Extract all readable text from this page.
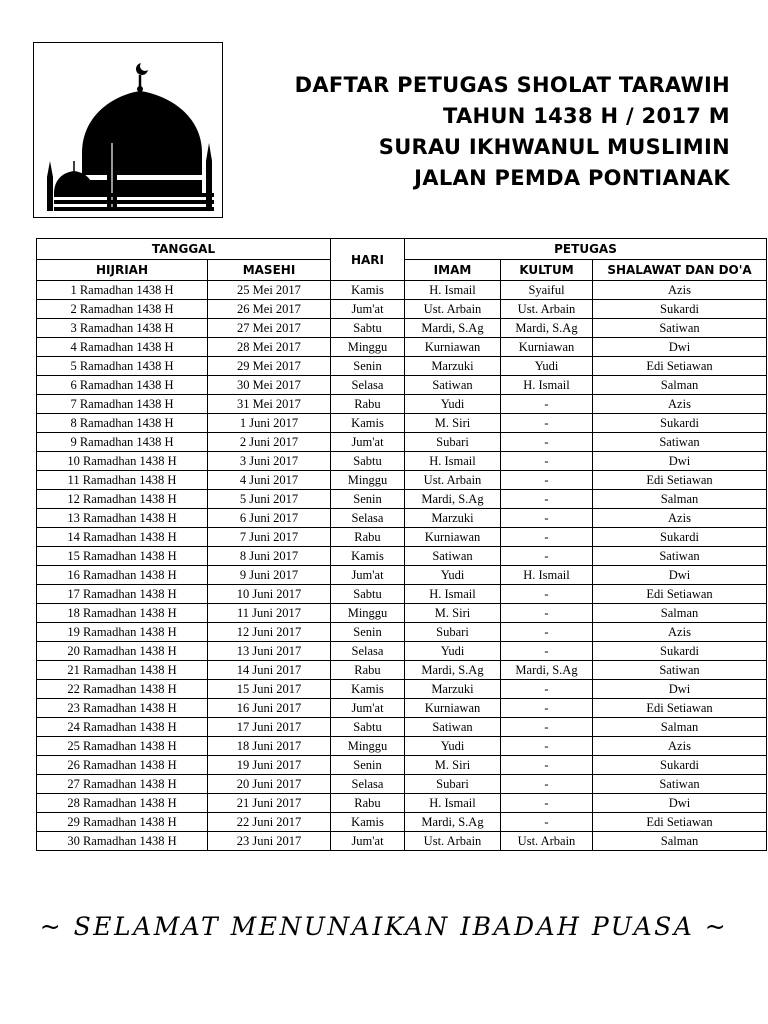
DAFTAR PETUGAS SHOLAT TARAWIH
TAHUN 1438 H / 2017 M
SURAU IKHWANUL MUSLIMIN
JALAN PEMDA PONTIANAK
TANGGAL		HARI	PETUGAS		
HIJRIAH	MASEHI		IMAM	KULTUM	SHALAWAT DAN DO'A
1 Ramadhan 1438 H	25 Mei 2017	Kamis	H. Ismail	Syaiful	Azis
2 Ramadhan 1438 H	26 Mei 2017	Jum'at	Ust. Arbain	Ust. Arbain	Sukardi
3 Ramadhan 1438 H	27 Mei 2017	Sabtu	Mardi, S.Ag	Mardi, S.Ag	Satiwan
4 Ramadhan 1438 H	28 Mei 2017	Minggu	Kurniawan	Kurniawan	Dwi
5 Ramadhan 1438 H	29 Mei 2017	Senin	Marzuki	Yudi	Edi Setiawan
6 Ramadhan 1438 H	30 Mei 2017	Selasa	Satiwan	H. Ismail	Salman
7 Ramadhan 1438 H	31 Mei 2017	Rabu	Yudi	-	Azis
8 Ramadhan 1438 H	1 Juni 2017	Kamis	M. Siri	-	Sukardi
9 Ramadhan 1438 H	2 Juni 2017	Jum'at	Subari	-	Satiwan
10 Ramadhan 1438 H	3 Juni 2017	Sabtu	H. Ismail	-	Dwi
11 Ramadhan 1438 H	4 Juni 2017	Minggu	Ust. Arbain	-	Edi Setiawan
12 Ramadhan 1438 H	5 Juni 2017	Senin	Mardi, S.Ag	-	Salman
13 Ramadhan 1438 H	6 Juni 2017	Selasa	Marzuki	-	Azis
14 Ramadhan 1438 H	7 Juni 2017	Rabu	Kurniawan	-	Sukardi
15 Ramadhan 1438 H	8 Juni 2017	Kamis	Satiwan	-	Satiwan
16 Ramadhan 1438 H	9 Juni 2017	Jum'at	Yudi	H. Ismail	Dwi
17 Ramadhan 1438 H	10 Juni 2017	Sabtu	H. Ismail	-	Edi Setiawan
18 Ramadhan 1438 H	11 Juni 2017	Minggu	M. Siri	-	Salman
19 Ramadhan 1438 H	12 Juni 2017	Senin	Subari	-	Azis
20 Ramadhan 1438 H	13 Juni 2017	Selasa	Yudi	-	Sukardi
21 Ramadhan 1438 H	14 Juni 2017	Rabu	Mardi, S.Ag	Mardi, S.Ag	Satiwan
22 Ramadhan 1438 H	15 Juni 2017	Kamis	Marzuki	-	Dwi
23 Ramadhan 1438 H	16 Juni 2017	Jum'at	Kurniawan	-	Edi Setiawan
24 Ramadhan 1438 H	17 Juni 2017	Sabtu	Satiwan	-	Salman
25 Ramadhan 1438 H	18 Juni 2017	Minggu	Yudi	-	Azis
26 Ramadhan 1438 H	19 Juni 2017	Senin	M. Siri	-	Sukardi
27 Ramadhan 1438 H	20 Juni 2017	Selasa	Subari	-	Satiwan
28 Ramadhan 1438 H	21 Juni 2017	Rabu	H. Ismail	-	Dwi
29 Ramadhan 1438 H	22 Juni 2017	Kamis	Mardi, S.Ag	-	Edi Setiawan
30 Ramadhan 1438 H	23 Juni 2017	Jum'at	Ust. Arbain	Ust. Arbain	Salman
~ SELAMAT MENUNAIKAN IBADAH PUASA ~
